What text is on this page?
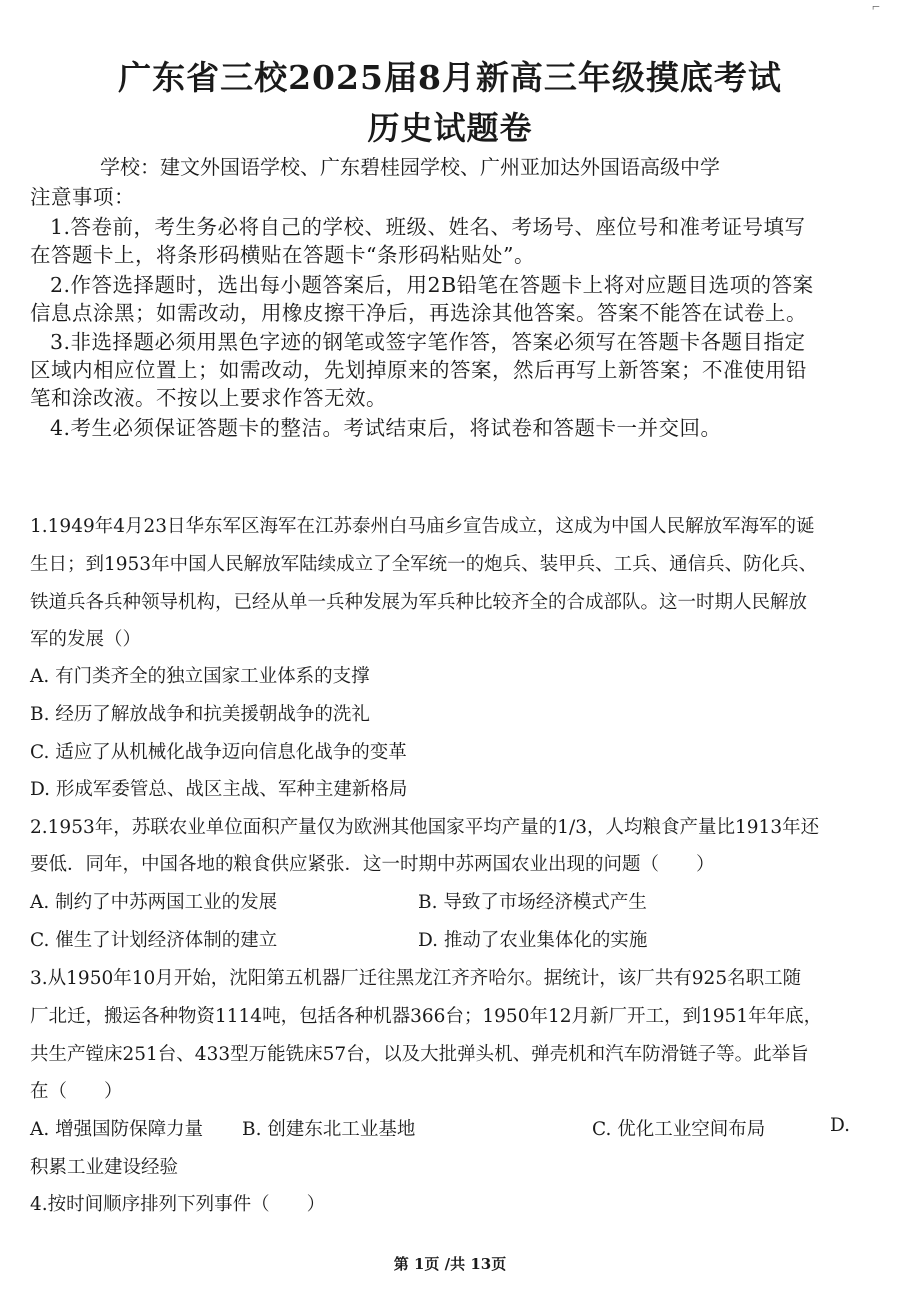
⌐
广东省三校2025届8月新高三年级摸底考试
历史试题卷
学校：建文外国语学校、广东碧桂园学校、广州亚加达外国语高级中学
注意事项：
1.答卷前，考生务必将自己的学校、班级、姓名、考场号、座位号和准考证号填写
在答题卡上，将条形码横贴在答题卡“条形码粘贴处”。
2.作答选择题时，选出每小题答案后，用2B铅笔在答题卡上将对应题目选项的答案
信息点涂黑；如需改动，用橡皮擦干净后，再选涂其他答案。答案不能答在试卷上。
3.非选择题必须用黑色字迹的钢笔或签字笔作答，答案必须写在答题卡各题目指定
区域内相应位置上；如需改动，先划掉原来的答案，然后再写上新答案；不准使用铅
笔和涂改液。不按以上要求作答无效。
4.考生必须保证答题卡的整洁。考试结束后，将试卷和答题卡一并交回。
1.1949年4月23日华东军区海军在江苏泰州白马庙乡宣告成立，这成为中国人民解放军海军的诞
生日；到1953年中国人民解放军陆续成立了全军统一的炮兵、装甲兵、工兵、通信兵、防化兵、
铁道兵各兵种领导机构，已经从单一兵种发展为军兵种比较齐全的合成部队。这一时期人民解放
军的发展（）
A. 有门类齐全的独立国家工业体系的支撑
B. 经历了解放战争和抗美援朝战争的洗礼
C. 适应了从机械化战争迈向信息化战争的变革
D. 形成军委管总、战区主战、军种主建新格局
2.1953年，苏联农业单位面积产量仅为欧洲其他国家平均产量的1/3，人均粮食产量比1913年还
要低．同年，中国各地的粮食供应紧张．这一时期中苏两国农业出现的问题（　　）
A. 制约了中苏两国工业的发展	B. 导致了市场经济模式产生
C. 催生了计划经济体制的建立	D. 推动了农业集体化的实施
3.从1950年10月开始，沈阳第五机器厂迁往黑龙江齐齐哈尔。据统计，该厂共有925名职工随
厂北迁，搬运各种物资1114吨，包括各种机器366台；1950年12月新厂开工，到1951年年底，
共生产镗床251台、433型万能铣床57台，以及大批弹头机、弹壳机和汽车防滑链子等。此举旨
在（　　）
A. 增强国防保障力量 B. 创建东北工业基地	C. 优化工业空间布局	D.
积累工业建设经验
4.按时间顺序排列下列事件（　　）
第 1页 /共 13页
